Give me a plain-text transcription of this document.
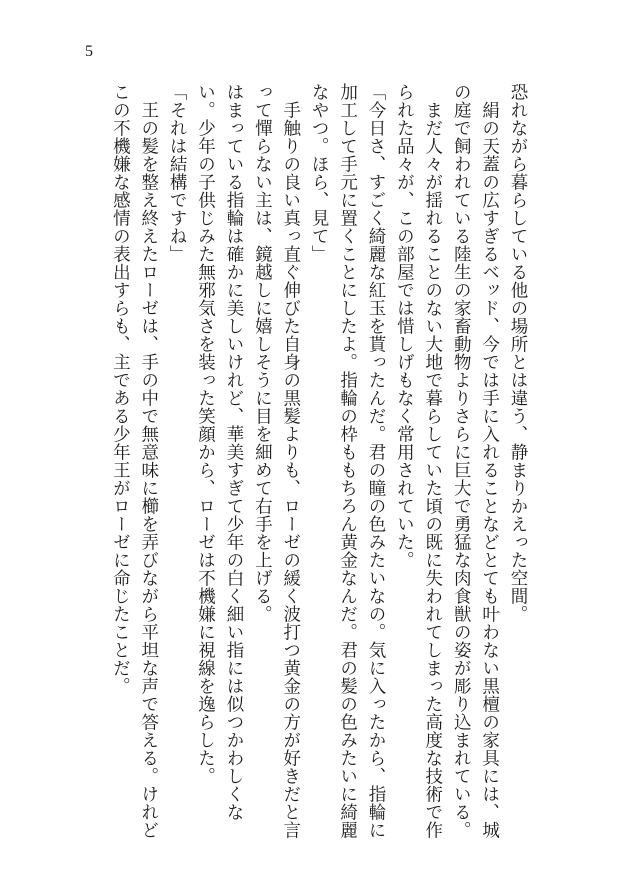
5

恐れながら暮らしている他の場所とは違う、静まりかえった空間。

絹の天蓋の広すぎるベッド、今では手に入れることなどとても叶わない黒檀の家具には、城の庭で飼われている陸生の家畜動物よりさらに巨大で勇猛な肉食獣の姿が彫り込まれている。

まだ人々が揺れることのない大地で暮らしていた頃の既に失われてしまった高度な技術で作られた品々が、この部屋では惜しげもなく常用されていた。

「今日さ、すごく綺麗な紅玉を貰ったんだ。君の瞳の色みたいなの。気に入ったから、指輪に加工して手元に置くことにしたよ。指輪の枠ももちろん黄金なんだ。君の髪の色みたいに綺麗なやつ。ほら、見て」

手触りの良い真っ直ぐ伸びた自身の黒髪よりも、ローゼの緩く波打つ黄金の方が好きだと言って憚らない主は、鏡越しに嬉しそうに目を細めて右手を上げる。

はまっている指輪は確かに美しいけれど、華美すぎて少年の白く細い指には似つかわしくない。少年の子供じみた無邪気さを装った笑顔から、ローゼは不機嫌に視線を逸らした。

「それは結構ですね」

王の髪を整え終えたローゼは、手の中で無意味に櫛を弄びながら平坦な声で答える。けれどこの不機嫌な感情の表出すらも、主である少年王がローゼに命じたことだ。
